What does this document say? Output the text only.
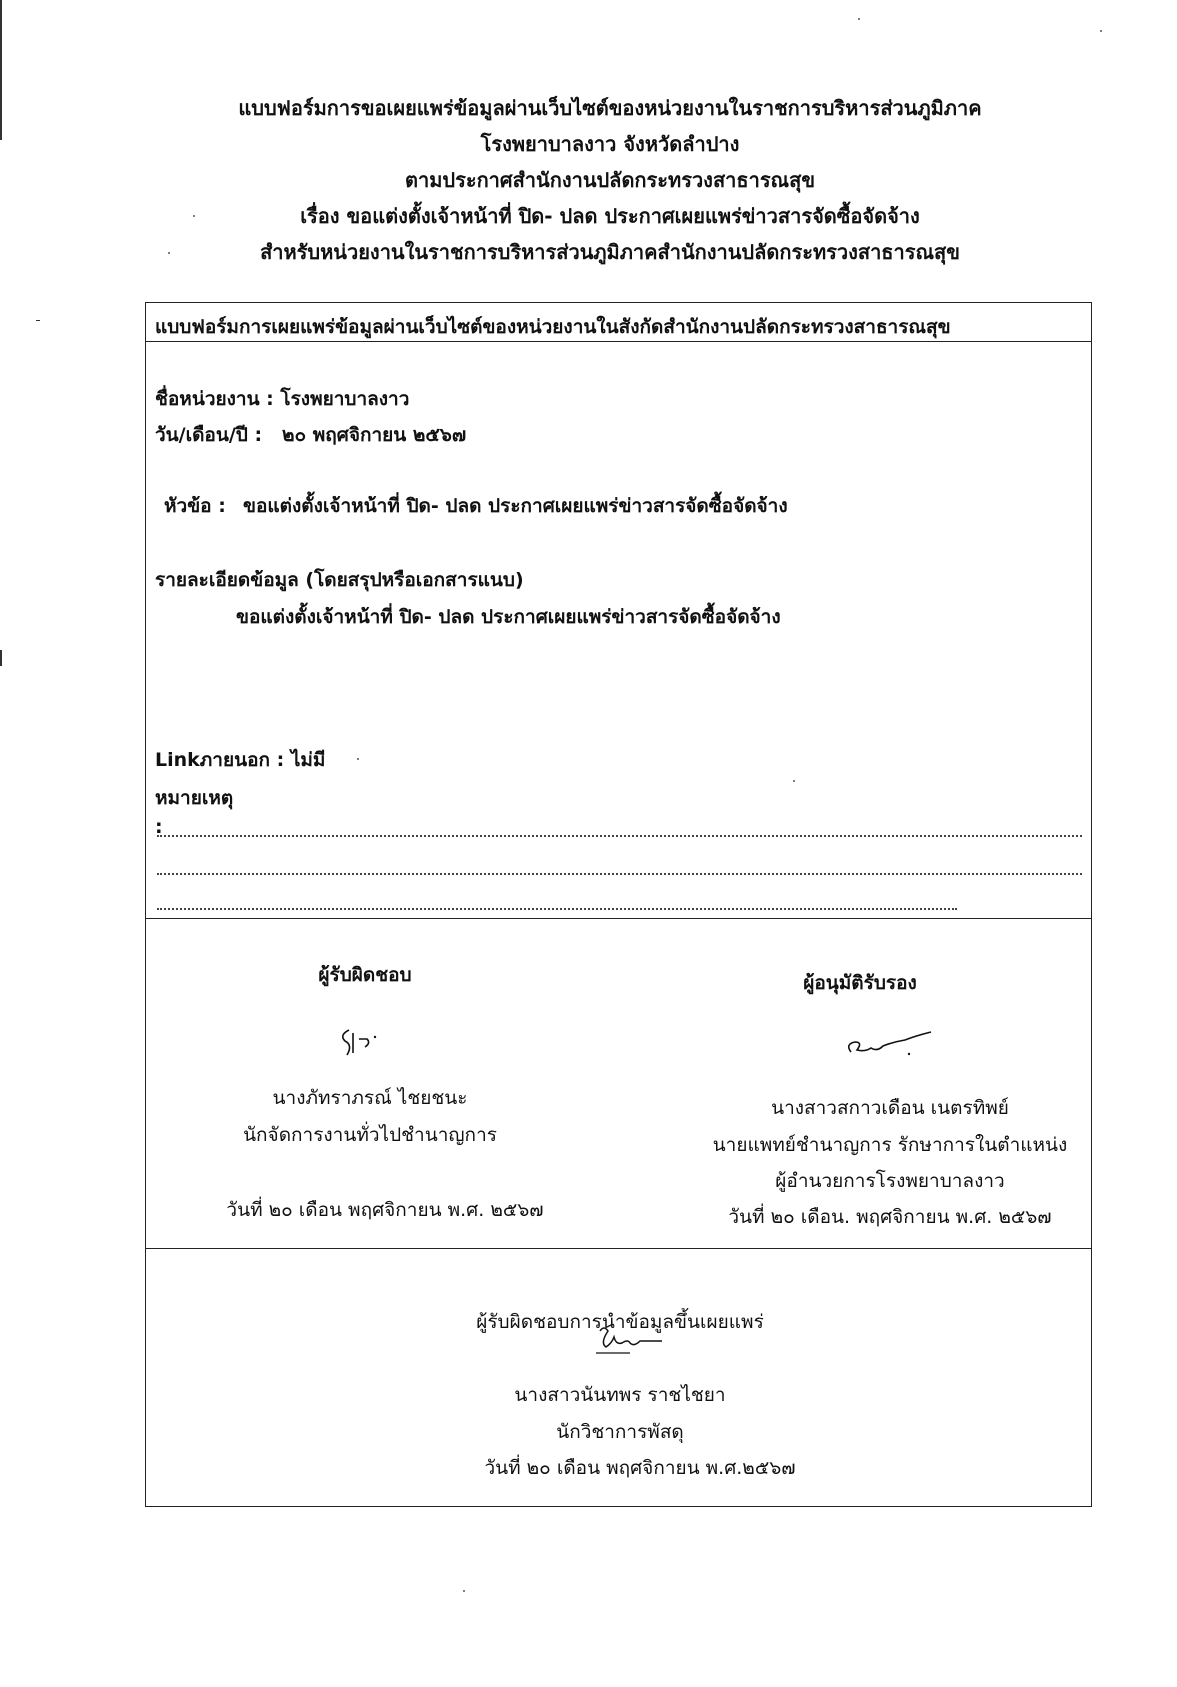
แบบฟอร์มการขอเผยแพร่ข้อมูลผ่านเว็บไซต์ของหน่วยงานในราชการบริหารส่วนภูมิภาค
โรงพยาบาลงาว จังหวัดลำปาง
ตามประกาศสำนักงานปลัดกระทรวงสาธารณสุข
เรื่อง ขอแต่งตั้งเจ้าหน้าที่ ปิด- ปลด ประกาศเผยแพร่ข่าวสารจัดซื้อจัดจ้าง
สำหรับหน่วยงานในราชการบริหารส่วนภูมิภาคสำนักงานปลัดกระทรวงสาธารณสุข
แบบฟอร์มการเผยแพร่ข้อมูลผ่านเว็บไซต์ของหน่วยงานในสังกัดสำนักงานปลัดกระทรวงสาธารณสุข
ชื่อหน่วยงาน : โรงพยาบาลงาว
วัน/เดือน/ปี : ๒๐ พฤศจิกายน ๒๕๖๗
หัวข้อ : ขอแต่งตั้งเจ้าหน้าที่ ปิด- ปลด ประกาศเผยแพร่ข่าวสารจัดซื้อจัดจ้าง
รายละเอียดข้อมูล (โดยสรุปหรือเอกสารแนบ)
ขอแต่งตั้งเจ้าหน้าที่ ปิด- ปลด ประกาศเผยแพร่ข่าวสารจัดซื้อจัดจ้าง
Linkภายนอก : ไม่มี
หมายเหตุ
:
ผู้รับผิดชอบ
นางภัทราภรณ์ ไชยชนะ
นักจัดการงานทั่วไปชำนาญการ
วันที่ ๒๐ เดือน พฤศจิกายน พ.ศ. ๒๕๖๗
ผู้อนุมัติรับรอง
นางสาวสกาวเดือน เนตรทิพย์
นายแพทย์ชำนาญการ รักษาการในตำแหน่ง
ผู้อำนวยการโรงพยาบาลงาว
วันที่ ๒๐ เดือน. พฤศจิกายน พ.ศ. ๒๕๖๗
ผู้รับผิดชอบการนำข้อมูลขึ้นเผยแพร่
นางสาวนันทพร ราชไชยา
นักวิชาการพัสดุ
วันที่ ๒๐ เดือน พฤศจิกายน พ.ศ.๒๕๖๗
